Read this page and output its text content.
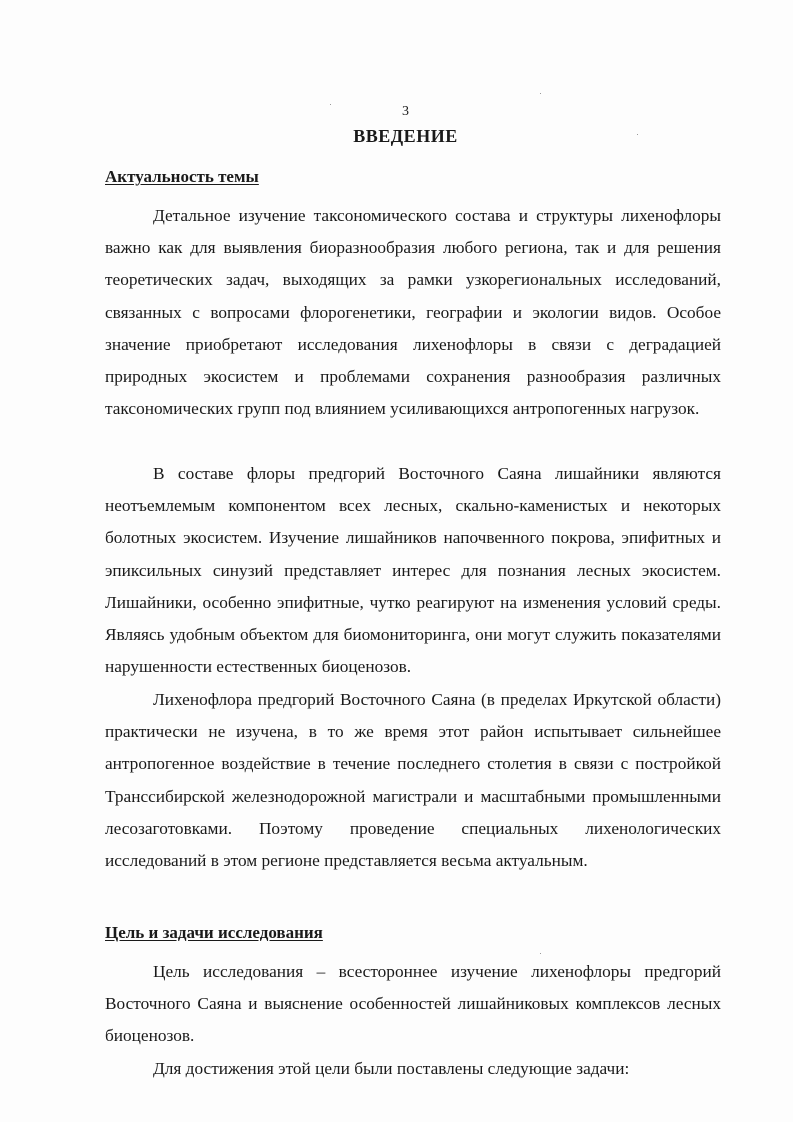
3
ВВЕДЕНИЕ
Актуальность темы

Детальное изучение таксономического состава и структуры лихенофлоры важно как для выявления биоразнообразия любого региона, так и для решения теоретических задач, выходящих за рамки узкорегиональных исследований, связанных с вопросами флорогенетики, географии и экологии видов. Особое значение приобретают исследования лихенофлоры в связи с деградацией природных экосистем и проблемами сохранения разнообразия различных таксономических групп под влиянием усиливающихся антропогенных нагрузок.

В составе флоры предгорий Восточного Саяна лишайники являются неотъемлемым компонентом всех лесных, скально-каменистых и некоторых болотных экосистем. Изучение лишайников напочвенного покрова, эпифитных и эпиксильных синузий представляет интерес для познания лесных экосистем. Лишайники, особенно эпифитные, чутко реагируют на изменения условий среды. Являясь удобным объектом для биомониторинга, они могут служить показателями нарушенности естественных биоценозов.

Лихенофлора предгорий Восточного Саяна (в пределах Иркутской области) практически не изучена, в то же время этот район испытывает сильнейшее антропогенное воздействие в течение последнего столетия в связи с постройкой Транссибирской железнодорожной магистрали и масштабными промышленными лесозаготовками. Поэтому проведение специальных лихенологических исследований в этом регионе представляется весьма актуальным.

Цель и задачи исследования

Цель исследования – всестороннее изучение лихенофлоры предгорий Восточного Саяна и выяснение особенностей лишайниковых комплексов лесных биоценозов.

Для достижения этой цели были поставлены следующие задачи:
